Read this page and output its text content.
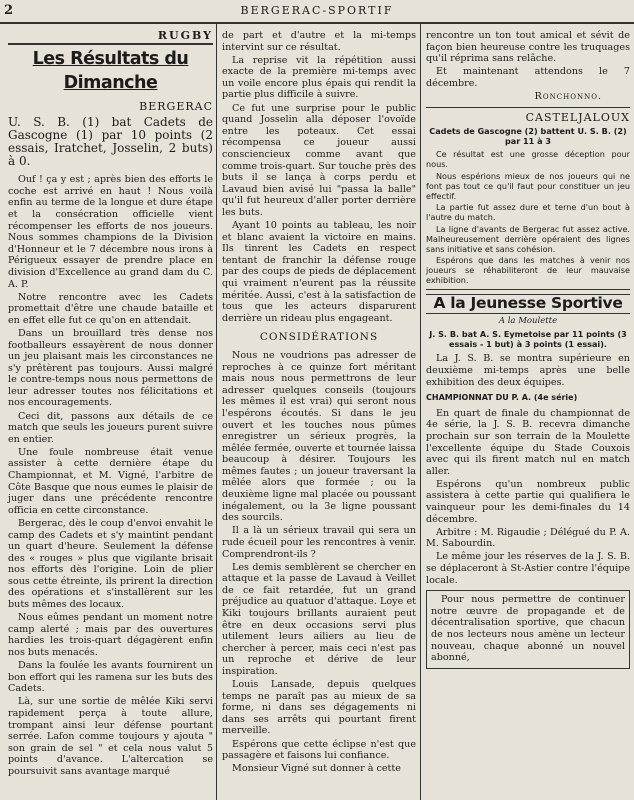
2	BERGERAC-SPORTIF
RUGBY
Les Résultats du Dimanche
BERGERAC
U. S. B. (1) bat Cadets de Gascogne (1) par 10 points (2 essais, Iratchet, Josselin, 2 buts) à 0.

Ouf ! ça y est ; après bien des efforts le coche est arrivé en haut ! Nous voilà enfin au terme de la longue et dure étape et la consécration officielle vient récompenser les efforts de nos joueurs. Nous sommes champions de la Division d'Honneur et le 7 décembre nous irons à Périgueux essayer de prendre place en division d'Excellence au grand dam du C. A. P.

Notre rencontre avec les Cadets promettait d'être une chaude bataille et en effet elle fut ce qu'on en attendait.

Dans un brouillard très dense nos footballeurs essayèrent de nous donner un jeu plaisant mais les circonstances ne s'y prêtèrent pas toujours. Aussi malgré le contre-temps nous nous permettons de leur adresser toutes nos félicitations et nos encouragements.

Ceci dit, passons aux détails de ce match que seuls les joueurs purent suivre en entier.

Une foule nombreuse était venue assister à cette dernière étape du Championnat, et M. Vigné, l'arbitre de Côte Basque que nous eumes le plaisir de juger dans une précédente rencontre officia en cette circonstance.

Bergerac, dès le coup d'envoi envahit le camp des Cadets et s'y maintint pendant un quart d'heure. Seulement la défense des « rouges » plus que vigilante brisait nos efforts dès l'origine. Loin de plier sous cette étreinte, ils prirent la direction des opérations et s'installèrent sur les buts mêmes des locaux.

Nous eûmes pendant un moment notre camp alerté ; mais par des ouvertures hardies les trois-quart dégagèrent enfin nos buts menacés.

Dans la foulée les avants fournirent un bon effort qui les ramena sur les buts des Cadets.

Là, sur une sortie de mêlée Kiki servi rapidement perça à toute allure, trompant ainsi leur défense pourtant serrée. Lafon comme toujours y ajouta " son grain de sel " et cela nous valut 5 points d'avance. L'altercation se poursuivit sans avantage marqué

de part et d'autre et la mi-temps intervint sur ce résultat.

La reprise vit la répétition aussi exacte de la première mi-temps avec un voile encore plus épais qui rendit la partie plus difficile à suivre.

Ce fut une surprise pour le public quand Josselin alla déposer l'ovoïde entre les poteaux. Cet essai récompensa ce joueur aussi consciencieux comme avant que comme trois-quart. Sur touche près des buts il se lança à corps perdu et Lavaud bien avisé lui "passa la balle" qu'il fut heureux d'aller porter derrière les buts.

Ayant 10 points au tableau, les noir et blanc avaient la victoire en mains. Ils tinrent les Cadets en respect tentant de franchir la défense rouge par des coups de pieds de déplacement qui vraiment n'eurent pas la réussite méritée. Aussi, c'est à la satisfaction de tous que les acteurs disparurent derrière un rideau plus engageant.

CONSIDÉRATIONS

Nous ne voudrions pas adresser de reproches à ce quinze fort méritant mais nous nous permettrons de leur adresser quelques conseils (toujours les mêmes il est vrai) qui seront nous l'espérons écoutés. Si dans le jeu ouvert et les touches nous pûmes enregistrer un sérieux progrès, la mêlée fermée, ouverte et tournée laissa beaucoup à désirer. Toujours les mêmes fautes ; un joueur traversant la mêlée alors que formée ; ou la deuxième ligne mal placée ou poussant inégalement, ou la 3e ligne poussant des sourcils.

Il a là un sérieux travail qui sera un rude écueil pour les rencontres à venir. Comprendront-ils ?

Les demis semblèrent se chercher en attaque et la passe de Lavaud à Veillet de ce fait retardée, fut un grand préjudice au quatuor d'attaque. Loye et Kiki toujours brillants auraient peut être en deux occasions servi plus utilement leurs ailiers au lieu de chercher à percer, mais ceci n'est pas un reproche et dérive de leur inspiration.

Louis Lansade, depuis quelques temps ne paraît pas au mieux de sa forme, ni dans ses dégagements ni dans ses arrêts qui pourtant firent merveille.

Espérons que cette éclipse n'est que passagère et faisons lui confiance.

Monsieur Vigné sut donner à cette

rencontre un ton tout amical et sévit de façon bien heureuse contre les truquages qu'il réprima sans relâche.

Et maintenant attendons le 7 décembre.

Ronchonno.

CASTELJALOUX

Cadets de Gascogne (2) battent U. S. B. (2) par 11 à 3

Ce résultat est une grosse déception pour nous.

Nous espérions mieux de nos joueurs qui ne font pas tout ce qu'il faut pour constituer un jeu effectif.

La partie fut assez dure et terne d'un bout à l'autre du match.

La ligne d'avants de Bergerac fut assez active. Malheureusement derrière opéraient des lignes sans initiative et sans cohésion.

Espérons que dans les matches à venir nos joueurs se réhabiliteront de leur mauvaise exhibition.

A la Jeunesse Sportive

A la Moulette

J. S. B. bat A. S. Eymetoise par 11 points (3 essais - 1 but) à 3 points (1 essai).

La J. S. B. se montra supérieure en deuxième mi-temps après une belle exhibition des deux équipes.

CHAMPIONNAT DU P. A. (4e série)

En quart de finale du championnat de 4e série, la J. S. B. recevra dimanche prochain sur son terrain de la Moulette l'excellente équipe du Stade Couxois avec qui ils firent match nul en match aller.

Espérons qu'un nombreux public assistera à cette partie qui qualifiera le vainqueur pour les demi-finales du 14 décembre.

Arbitre : M. Rigaudie ; Délégué du P. A. M. Sabourdin.

Le même jour les réserves de la J. S. B. se déplaceront à St-Astier contre l'équipe locale.

Pour nous permettre de continuer notre œuvre de propagande et de décentralisation sportive, que chacun de nos lecteurs nous amène un lecteur nouveau, chaque abonné un nouvel abonné,
